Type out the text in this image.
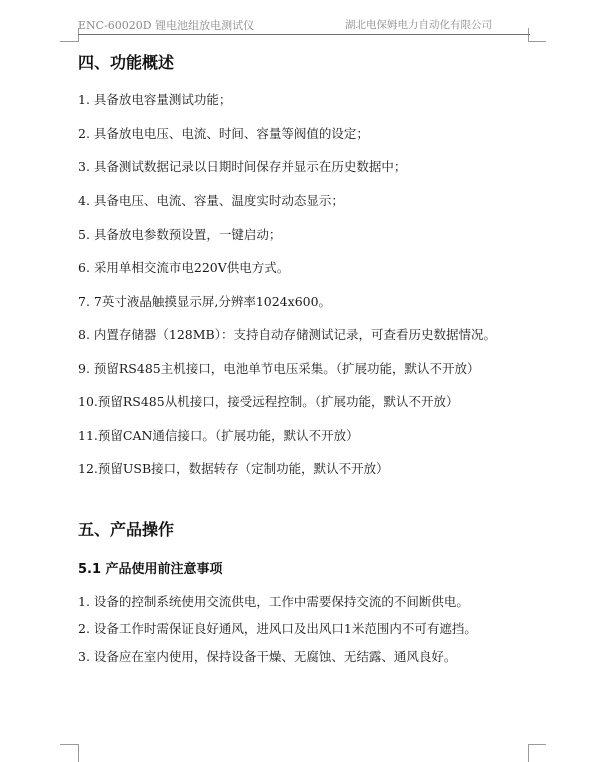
ENC-60020D 锂电池组放电测试仪	湖北电保姆电力自动化有限公司
四、功能概述
1. 具备放电容量测试功能；
2. 具备放电电压、电流、时间、容量等阀值的设定；
3. 具备测试数据记录以日期时间保存并显示在历史数据中；
4. 具备电压、电流、容量、温度实时动态显示；
5. 具备放电参数预设置，一键启动；
6. 采用单相交流市电220V供电方式。
7. 7英寸液晶触摸显示屏,分辨率1024x600。
8. 内置存储器（128MB）：支持自动存储测试记录，可查看历史数据情况。
9. 预留RS485主机接口，电池单节电压采集。（扩展功能，默认不开放）
10.预留RS485从机接口，接受远程控制。（扩展功能，默认不开放）
11.预留CAN通信接口。（扩展功能，默认不开放）
12.预留USB接口，数据转存（定制功能，默认不开放）
五、产品操作
5.1 产品使用前注意事项
1. 设备的控制系统使用交流供电，工作中需要保持交流的不间断供电。
2. 设备工作时需保证良好通风，进风口及出风口1米范围内不可有遮挡。
3. 设备应在室内使用，保持设备干燥、无腐蚀、无结露、通风良好。
